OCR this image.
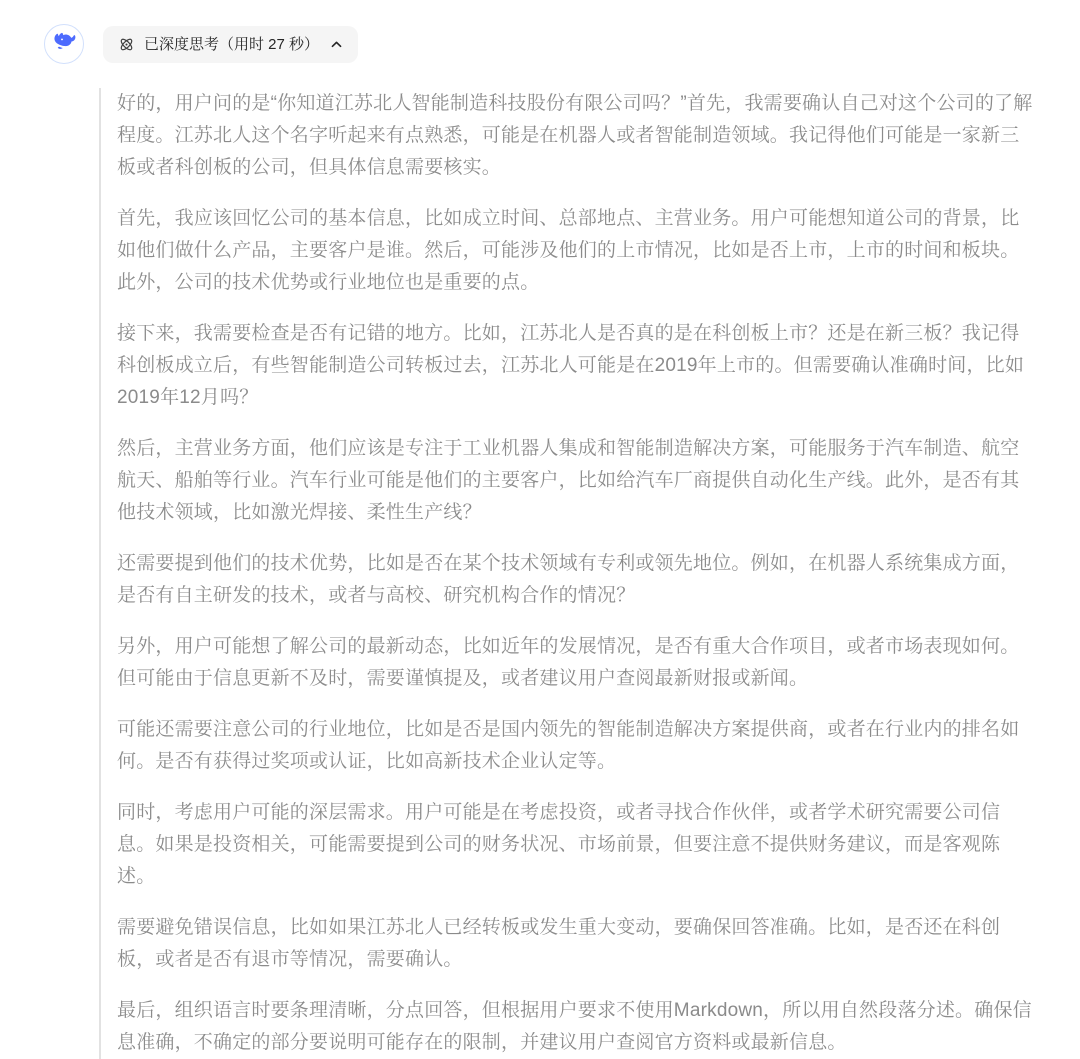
已深度思考（用时 27 秒）

好的，用户问的是“你知道江苏北人智能制造科技股份有限公司吗？”首先，我需要确认自己对这个公司的了解程度。江苏北人这个名字听起来有点熟悉，可能是在机器人或者智能制造领域。我记得他们可能是一家新三板或者科创板的公司，但具体信息需要核实。

首先，我应该回忆公司的基本信息，比如成立时间、总部地点、主营业务。用户可能想知道公司的背景，比如他们做什么产品，主要客户是谁。然后，可能涉及他们的上市情况，比如是否上市，上市的时间和板块。此外，公司的技术优势或行业地位也是重要的点。

接下来，我需要检查是否有记错的地方。比如，江苏北人是否真的是在科创板上市？还是在新三板？我记得科创板成立后，有些智能制造公司转板过去，江苏北人可能是在2019年上市的。但需要确认准确时间，比如2019年12月吗？

然后，主营业务方面，他们应该是专注于工业机器人集成和智能制造解决方案，可能服务于汽车制造、航空航天、船舶等行业。汽车行业可能是他们的主要客户，比如给汽车厂商提供自动化生产线。此外，是否有其他技术领域，比如激光焊接、柔性生产线？

还需要提到他们的技术优势，比如是否在某个技术领域有专利或领先地位。例如，在机器人系统集成方面，是否有自主研发的技术，或者与高校、研究机构合作的情况？

另外，用户可能想了解公司的最新动态，比如近年的发展情况，是否有重大合作项目，或者市场表现如何。但可能由于信息更新不及时，需要谨慎提及，或者建议用户查阅最新财报或新闻。

可能还需要注意公司的行业地位，比如是否是国内领先的智能制造解决方案提供商，或者在行业内的排名如何。是否有获得过奖项或认证，比如高新技术企业认定等。

同时，考虑用户可能的深层需求。用户可能是在考虑投资，或者寻找合作伙伴，或者学术研究需要公司信息。如果是投资相关，可能需要提到公司的财务状况、市场前景，但要注意不提供财务建议，而是客观陈述。

需要避免错误信息，比如如果江苏北人已经转板或发生重大变动，要确保回答准确。比如，是否还在科创板，或者是否有退市等情况，需要确认。

最后，组织语言时要条理清晰，分点回答，但根据用户要求不使用Markdown，所以用自然段落分述。确保信息准确，不确定的部分要说明可能存在的限制，并建议用户查阅官方资料或最新信息。
